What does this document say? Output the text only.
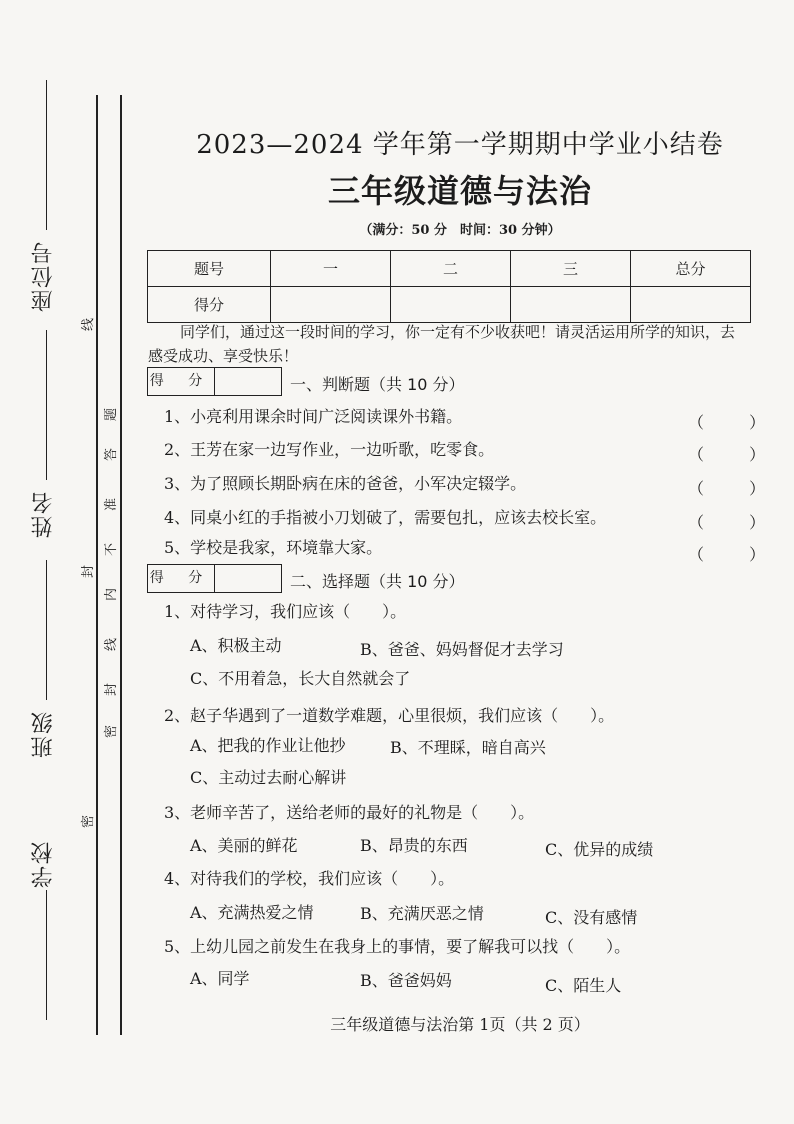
座位号
姓名
班级
学校
线
封
密
题
答
准
不
内
线
封
密
2023—2024 学年第一学期期中学业小结卷
三年级道德与法治
（满分：50 分　时间：30 分钟）
题号	一	二	三	总分
得分				
同学们，通过这一段时间的学习，你一定有不少收获吧！请灵活运用所学的知识，去感受成功、享受快乐！
得 分	一、判断题（共 10 分）
1、小亮利用课余时间广泛阅读课外书籍。	（ ）
2、王芳在家一边写作业，一边听歌，吃零食。	（ ）
3、为了照顾长期卧病在床的爸爸，小军决定辍学。	（ ）
4、同桌小红的手指被小刀划破了，需要包扎，应该去校长室。	（ ）
5、学校是我家，环境靠大家。	（ ）
得 分	二、选择题（共 10 分）
1、对待学习，我们应该（　　）。
A、积极主动	B、爸爸、妈妈督促才去学习
C、不用着急，长大自然就会了
2、赵子华遇到了一道数学难题，心里很烦，我们应该（　　）。
A、把我的作业让他抄	B、不理睬，暗自高兴
C、主动过去耐心解讲
3、老师辛苦了，送给老师的最好的礼物是（　　）。
A、美丽的鲜花	B、昂贵的东西	C、优异的成绩
4、对待我们的学校，我们应该（　　）。
A、充满热爱之情	B、充满厌恶之情	C、没有感情
5、上幼儿园之前发生在我身上的事情，要了解我可以找（　　）。
A、同学	B、爸爸妈妈	C、陌生人
三年级道德与法治第 1页（共 2 页）
